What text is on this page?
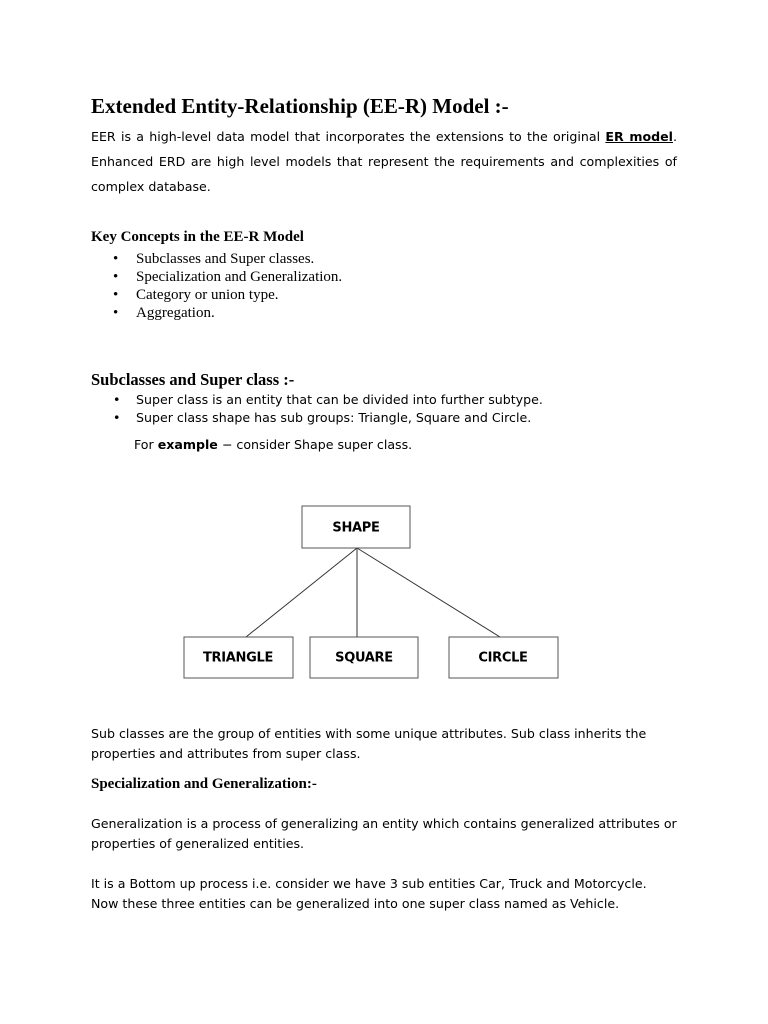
Extended Entity-Relationship (EE-R) Model :-

EER is a high-level data model that incorporates the extensions to the original ER model. Enhanced ERD are high level models that represent the requirements and complexities of complex database.

Key Concepts in the EE-R Model
• Subclasses and Super classes.
• Specialization and Generalization.
• Category or union type.
• Aggregation.
Subclasses and Super class :-
• Super class is an entity that can be divided into further subtype.
• Super class shape has sub groups: Triangle, Square and Circle.

For example − consider Shape super class.

SHAPE
TRIANGLE	SQUARE	CIRCLE

Sub classes are the group of entities with some unique attributes. Sub class inherits the properties and attributes from super class.

Specialization and Generalization:-

Generalization is a process of generalizing an entity which contains generalized attributes or properties of generalized entities.

It is a Bottom up process i.e. consider we have 3 sub entities Car, Truck and Motorcycle. Now these three entities can be generalized into one super class named as Vehicle.
